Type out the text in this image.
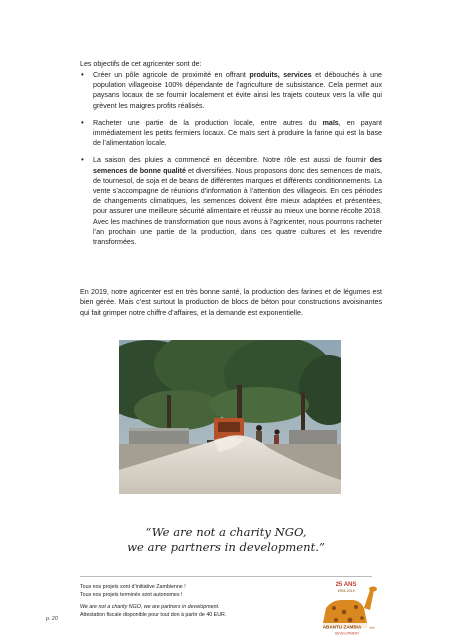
Les objectifs de cet agricenter sont de:

• Créer un pôle agricole de proximité en offrant produits, services et débouchés à une population villageoise 100% dépendante de l’agriculture de subsistance. Cela permet aux paysans locaux de se fournir localement et évite ainsi les trajets couteux vers la ville qui grèvent les maigres profits réalisés.
• Racheter une partie de la production locale, entre autres du maïs, en payant immédiatement les petits fermiers locaux. Ce maïs sert à produire la farine qui est la base de l’alimentation locale.
• La saison des pluies a commencé en décembre. Notre rôle est aussi de fournir des semences de bonne qualité et diversifiées. Nous proposons donc des semences de maïs, de tournesol, de soja et de beans de différentes marques et différents conditionnements. La vente s’accompagne de réunions d’information à l’attention des villageois. En ces périodes de changements climatiques, les semences doivent être mieux adaptées et présentées, pour assurer une meilleure sécurité alimentaire et réussir au mieux une bonne récolte 2018. Avec les machines de transformation que nous avons à l’agricenter, nous pourrons racheter l’an prochain une partie de la production, dans ces quatre cultures et les revendre transformées.

En 2019, notre agricenter est en très bonne santé, la production des farines et de légumes est bien gérée. Mais c’est surtout la production de blocs de béton pour constructions avoisinantes qui fait grimper notre chiffre d’affaires, et la demande est exponentielle.

“We are not a charity NGO,
we are partners in development.”
Tous nos projets sont d’initiative Zambienne !
Tous nos projets terminés sont autonomes !
We are not a charity NGO, we are partners in development.
Attestation fiscale disponible pour tout don à partir de 40 EUR.
p. 20
25 ANS
1994-2019
ABANTU ZAMBIA	asbl
DEVELOPMENT
